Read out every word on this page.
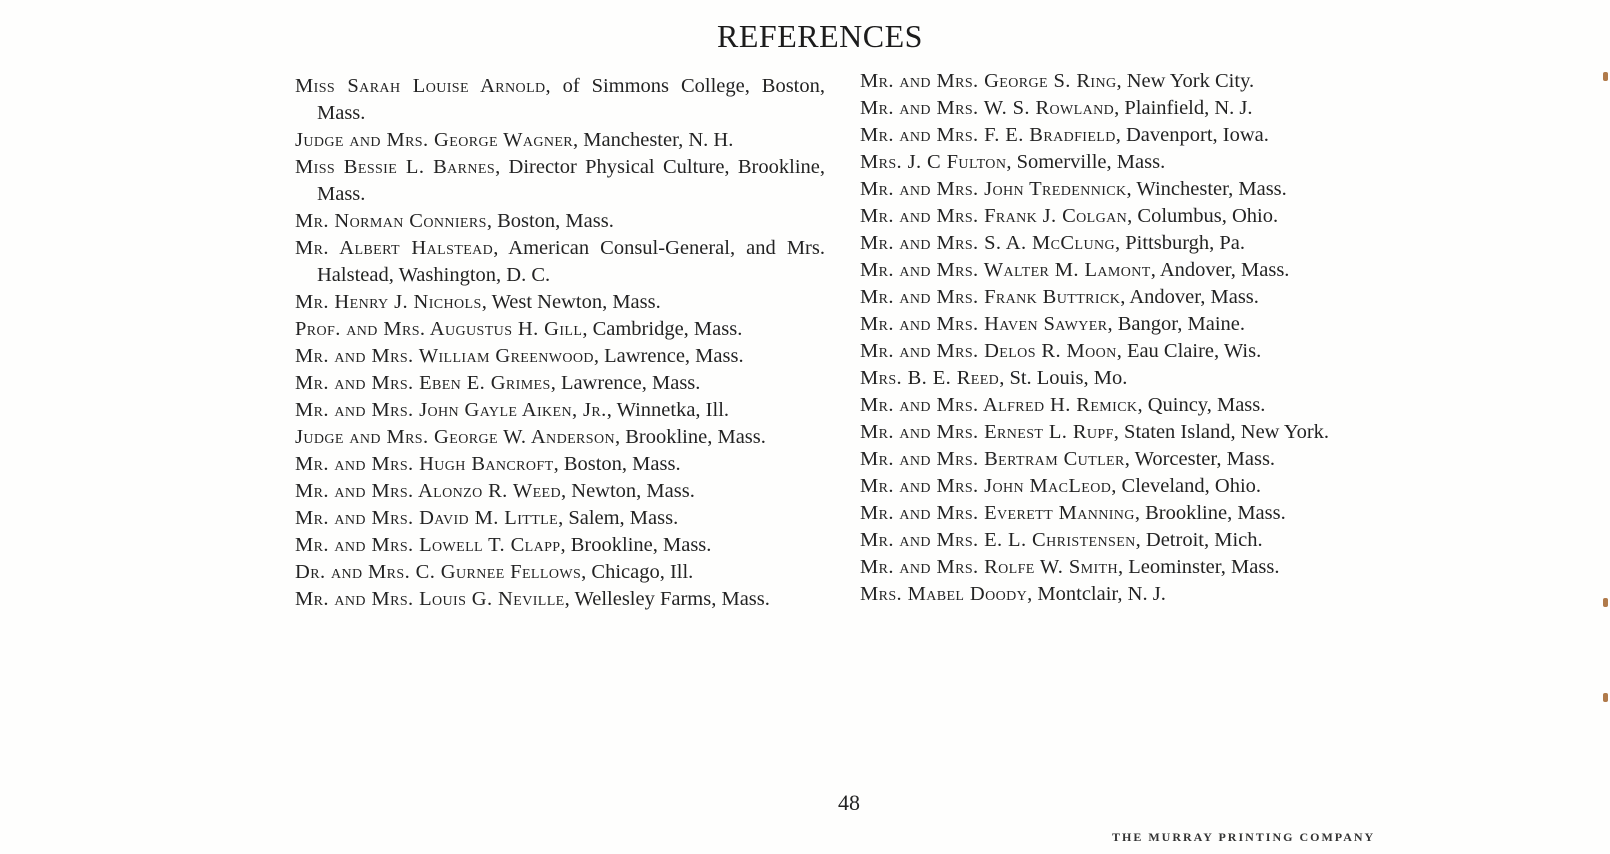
REFERENCES

Miss Sarah Louise Arnold, of Simmons College, Boston, Mass.

Judge and Mrs. George Wagner, Manchester, N. H.

Miss Bessie L. Barnes, Director Physical Culture, Brookline, Mass.

Mr. Norman Conniers, Boston, Mass.

Mr. Albert Halstead, American Consul-General, and Mrs. Halstead, Washington, D. C.

Mr. Henry J. Nichols, West Newton, Mass.

Prof. and Mrs. Augustus H. Gill, Cambridge, Mass.

Mr. and Mrs. William Greenwood, Lawrence, Mass.

Mr. and Mrs. Eben E. Grimes, Lawrence, Mass.

Mr. and Mrs. John Gayle Aiken, Jr., Winnetka, Ill.

Judge and Mrs. George W. Anderson, Brookline, Mass.

Mr. and Mrs. Hugh Bancroft, Boston, Mass.

Mr. and Mrs. Alonzo R. Weed, Newton, Mass.

Mr. and Mrs. David M. Little, Salem, Mass.

Mr. and Mrs. Lowell T. Clapp, Brookline, Mass.

Dr. and Mrs. C. Gurnee Fellows, Chicago, Ill.

Mr. and Mrs. Louis G. Neville, Wellesley Farms, Mass.

Mr. and Mrs. George S. Ring, New York City.

Mr. and Mrs. W. S. Rowland, Plainfield, N. J.

Mr. and Mrs. F. E. Bradfield, Davenport, Iowa.

Mrs. J. C Fulton, Somerville, Mass.

Mr. and Mrs. John Tredennick, Winchester, Mass.

Mr. and Mrs. Frank J. Colgan, Columbus, Ohio.

Mr. and Mrs. S. A. McClung, Pittsburgh, Pa.

Mr. and Mrs. Walter M. Lamont, Andover, Mass.

Mr. and Mrs. Frank Buttrick, Andover, Mass.

Mr. and Mrs. Haven Sawyer, Bangor, Maine.

Mr. and Mrs. Delos R. Moon, Eau Claire, Wis.

Mrs. B. E. Reed, St. Louis, Mo.

Mr. and Mrs. Alfred H. Remick, Quincy, Mass.

Mr. and Mrs. Ernest L. Rupf, Staten Island, New York.

Mr. and Mrs. Bertram Cutler, Worcester, Mass.

Mr. and Mrs. John MacLeod, Cleveland, Ohio.

Mr. and Mrs. Everett Manning, Brookline, Mass.

Mr. and Mrs. E. L. Christensen, Detroit, Mich.

Mr. and Mrs. Rolfe W. Smith, Leominster, Mass.

Mrs. Mabel Doody, Montclair, N. J.

48
THE MURRAY PRINTING COMPANY
